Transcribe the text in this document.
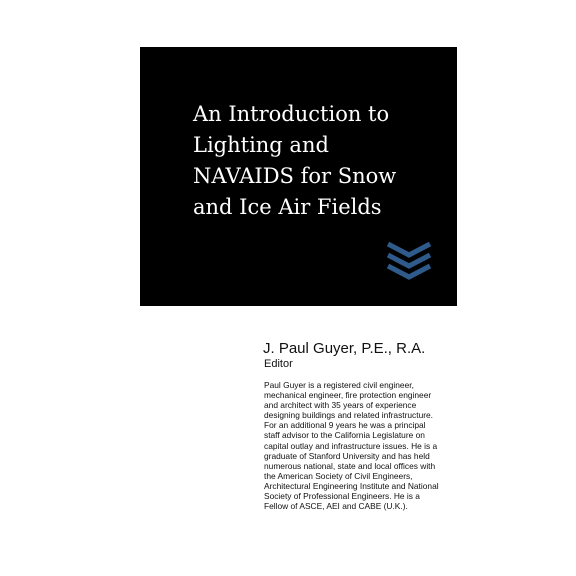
An Introduction to
Lighting and
NAVAIDS for Snow
and Ice Air Fields

J. Paul Guyer, P.E., R.A.

Editor

Paul Guyer is a registered civil engineer,
mechanical engineer, fire protection engineer
and architect with 35 years of experience
designing buildings and related infrastructure.
For an additional 9 years he was a principal
staff advisor to the California Legislature on
capital outlay and infrastructure issues. He is a
graduate of Stanford University and has held
numerous national, state and local offices with
the American Society of Civil Engineers,
Architectural Engineering Institute and National
Society of Professional Engineers. He is a
Fellow of ASCE, AEI and CABE (U.K.).
